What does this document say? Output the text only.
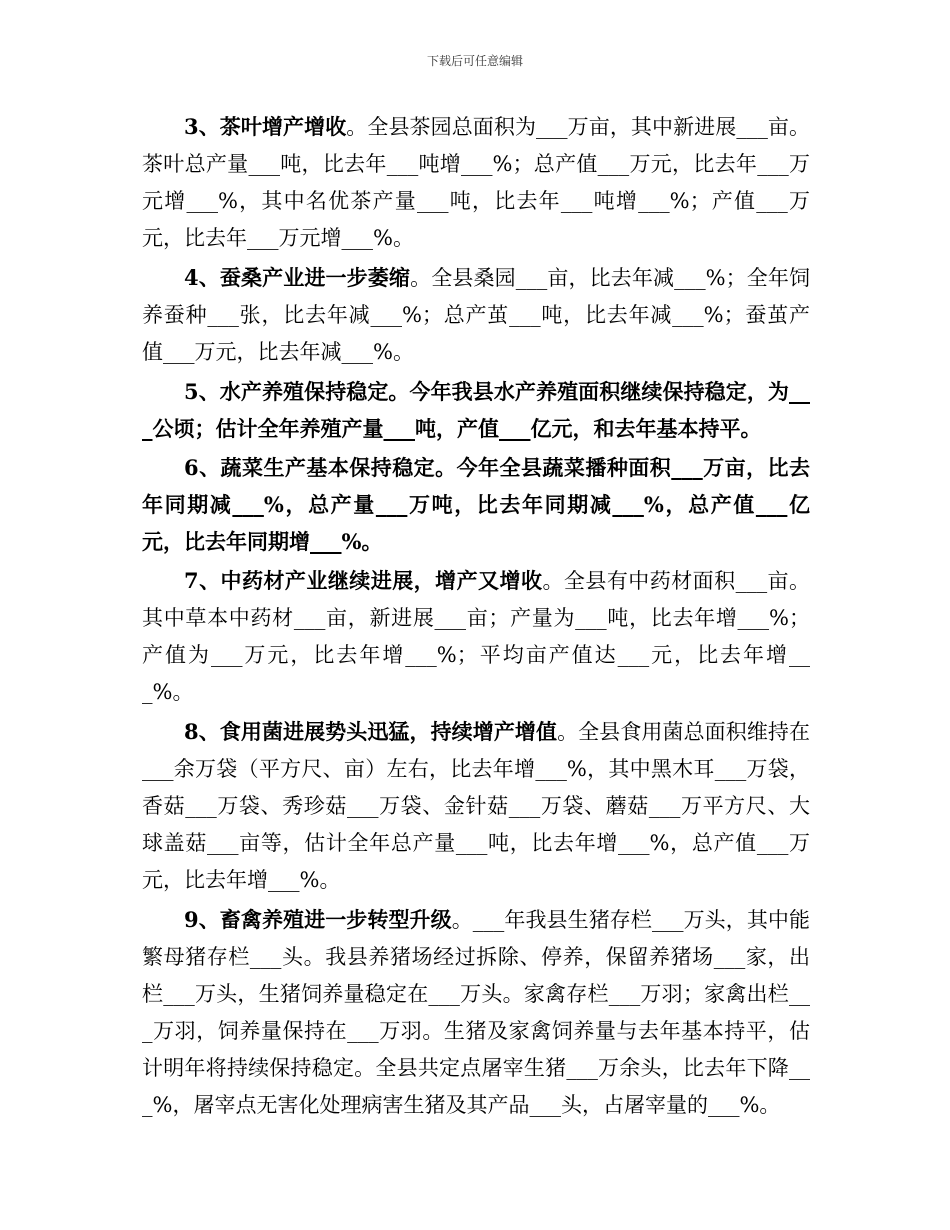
下载后可任意编辑

3、茶叶增产增收。全县茶园总面积为___万亩，其中新进展___亩。茶叶总产量___吨，比去年___吨增___%；总产值___万元，比去年___万元增___%，其中名优茶产量___吨，比去年___吨增___%；产值___万元，比去年___万元增___%。

4、蚕桑产业进一步萎缩。全县桑园___亩，比去年减___%；全年饲养蚕种___张，比去年减___%；总产茧___吨，比去年减___%；蚕茧产值___万元，比去年减___%。

5、水产养殖保持稳定。今年我县水产养殖面积继续保持稳定，为___公顷；估计全年养殖产量___吨，产值___亿元，和去年基本持平。

6、蔬菜生产基本保持稳定。今年全县蔬菜播种面积___万亩，比去年同期减___%，总产量___万吨，比去年同期减___%，总产值___亿元，比去年同期增___%。

7、中药材产业继续进展，增产又增收。全县有中药材面积___亩。其中草本中药材___亩，新进展___亩；产量为___吨，比去年增___%；产值为___万元，比去年增___%；平均亩产值达___元，比去年增___%。

8、食用菌进展势头迅猛，持续增产增值。全县食用菌总面积维持在___余万袋（平方尺、亩）左右，比去年增___%，其中黑木耳___万袋，香菇___万袋、秀珍菇___万袋、金针菇___万袋、蘑菇___万平方尺、大球盖菇___亩等，估计全年总产量___吨，比去年增___%，总产值___万元，比去年增___%。

9、畜禽养殖进一步转型升级。___年我县生猪存栏___万头，其中能繁母猪存栏___头。我县养猪场经过拆除、停养，保留养猪场___家，出栏___万头，生猪饲养量稳定在___万头。家禽存栏___万羽；家禽出栏___万羽，饲养量保持在___万羽。生猪及家禽饲养量与去年基本持平，估计明年将持续保持稳定。全县共定点屠宰生猪___万余头，比去年下降___%，屠宰点无害化处理病害生猪及其产品___头，占屠宰量的___%。
